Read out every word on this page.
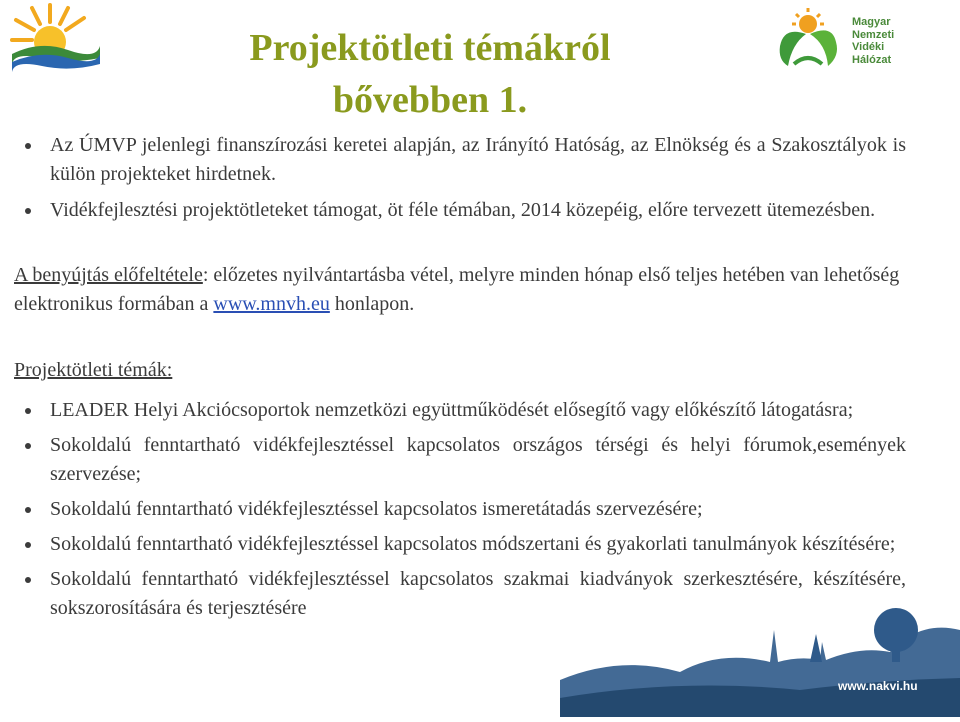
Magyar
Nemzeti
Vidéki
Hálózat
Projektötleti témákról
bővebben 1.
Az ÚMVP jelenlegi finanszírozási keretei alapján, az Irányító Hatóság, az Elnökség és a Szakosztályok is külön projekteket hirdetnek.
Vidékfejlesztési projektötleteket támogat, öt féle témában, 2014 közepéig, előre tervezett ütemezésben.
A benyújtás előfeltétele: előzetes nyilvántartásba vétel, melyre minden hónap első teljes hetében van lehetőség elektronikus formában a www.mnvh.eu honlapon.
Projektötleti témák:
LEADER Helyi Akciócsoportok nemzetközi együttműködését elősegítő vagy előkészítő látogatásra;
Sokoldalú fenntartható vidékfejlesztéssel kapcsolatos országos térségi és helyi fórumok,események szervezése;
Sokoldalú fenntartható vidékfejlesztéssel kapcsolatos ismeretátadás szervezésére;
Sokoldalú fenntartható vidékfejlesztéssel kapcsolatos módszertani és gyakorlati tanulmányok készítésére;
Sokoldalú fenntartható vidékfejlesztéssel kapcsolatos szakmai kiadványok szerkesztésére, készítésére, sokszorosítására és terjesztésére
www.nakvi.hu
